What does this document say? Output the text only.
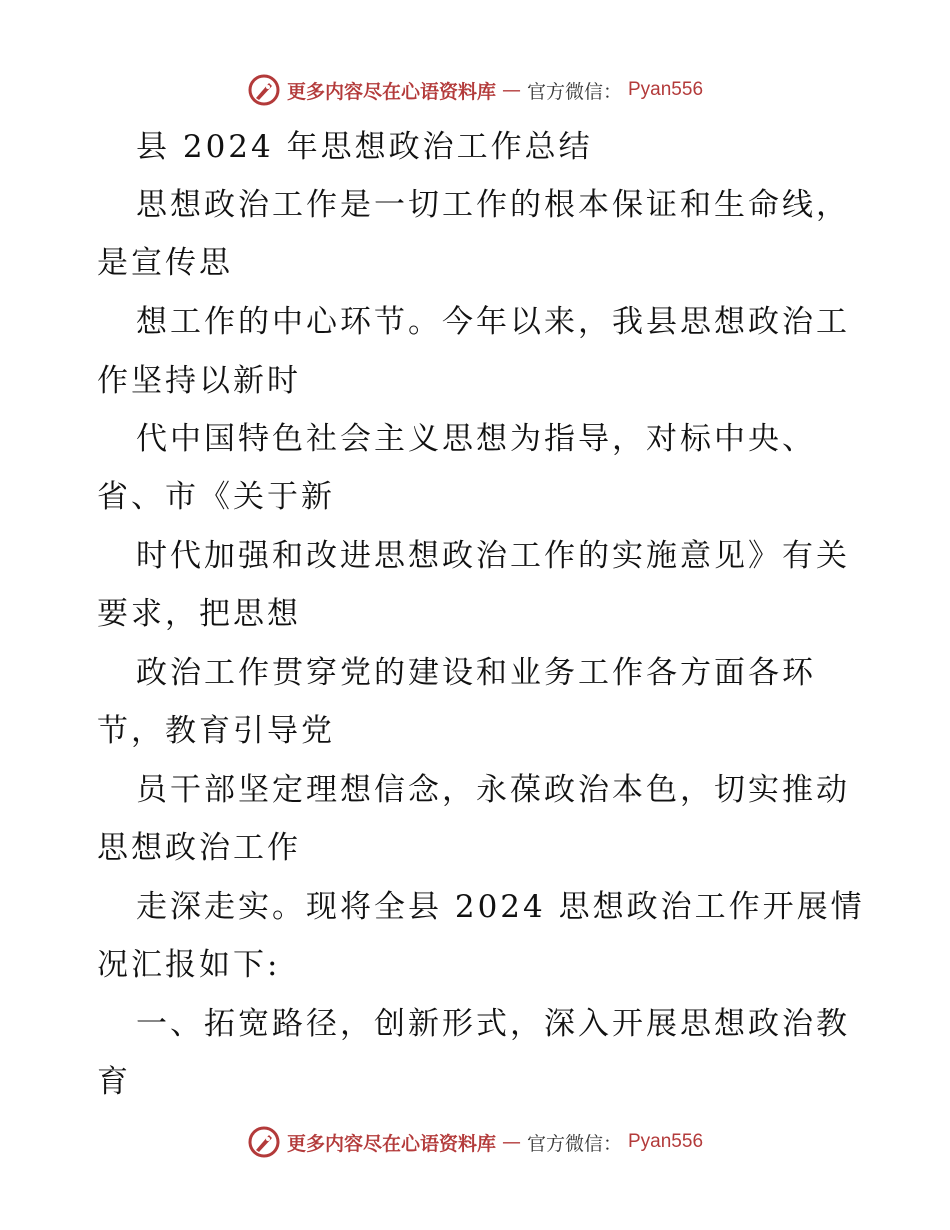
更多内容尽在心语资料库 — 官方微信： Pyan556
县 2024 年思想政治工作总结
思想政治工作是一切工作的根本保证和生命线，
是宣传思
想工作的中心环节。今年以来，我县思想政治工
作坚持以新时
代中国特色社会主义思想为指导，对标中央、
省、市《关于新
时代加强和改进思想政治工作的实施意见》有关
要求，把思想
政治工作贯穿党的建设和业务工作各方面各环
节，教育引导党
员干部坚定理想信念，永葆政治本色，切实推动
思想政治工作
走深走实。现将全县 2024 思想政治工作开展情
况汇报如下:
一、拓宽路径，创新形式，深入开展思想政治教
育
更多内容尽在心语资料库 — 官方微信： Pyan556
